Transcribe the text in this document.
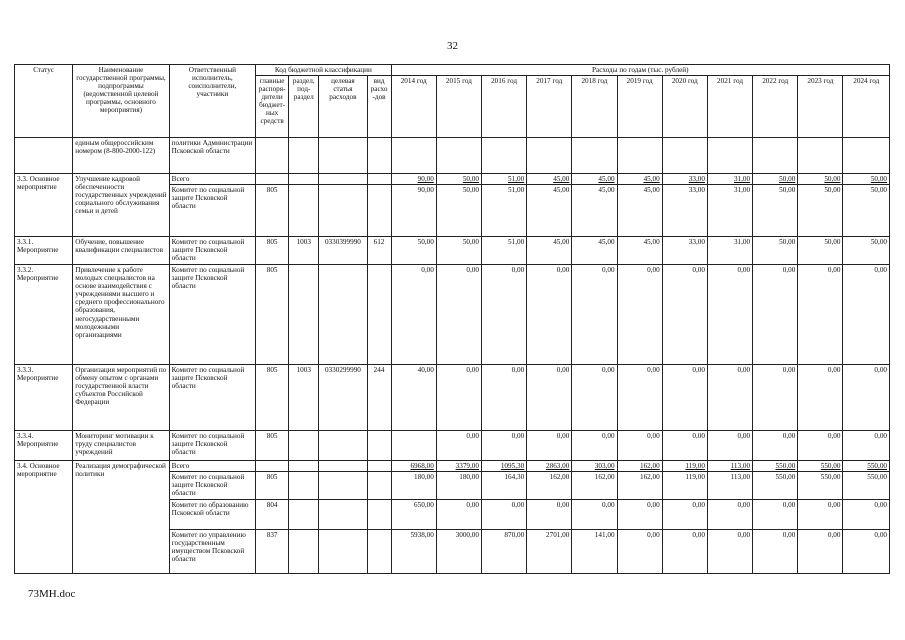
32
Статус	Наименование государственной программы, подпрограммы (ведомственной целевой программы, основного мероприятия)	Ответственный исполнитель, соисполнители, участники	Код бюджетной классификации				Расходы по годам (тыс. рублей)										
			главные распоря-дители бюджет-ных средств	раздел, под-раздел	целевая статья расходов	вид расхо-дов	2014 год	2015 год	2016 год	2017 год	2018 год	2019 год	2020 год	2021 год	2022 год	2023 год	2024 год
	единым общероссийским номером (8-800-2000-122)	политики Администрации Псковской области															
3.3. Основное мероприятие	Улучшение кадровой обеспеченности государственных учреждений социального обслуживания семьи и детей	Всего					90,00	50,00	51,00	45,00	45,00	45,00	33,00	31,00	50,00	50,00	50,00
		Комитет по социальной защите Псковской области	805				90,00	50,00	51,00	45,00	45,00	45,00	33,00	31,00	50,00	50,00	50,00
3.3.1. Мероприятие	Обучение, повышение квалификации специалистов	Комитет по социальной защите Псковской области	805	1003	0330399990	612	50,00	50,00	51,00	45,00	45,00	45,00	33,00	31,00	50,00	50,00	50,00
3.3.2. Мероприятие	Привлечение к работе молодых специалистов на основе взаимодействия с учреждениями высшего и среднего профессионального образования, негосударственными молодежными организациями	Комитет по социальной защите Псковской области	805				0,00	0,00	0,00	0,00	0,00	0,00	0,00	0,00	0,00	0,00	0,00
3.3.3. Мероприятие	Организация мероприятий по обмену опытом с органами государственной власти субъектов Российской Федерации	Комитет по социальной защите Псковской области	805	1003	0330299990	244	40,00	0,00	0,00	0,00	0,00	0,00	0,00	0,00	0,00	0,00	0,00
3.3.4. Мероприятие	Мониторинг мотивации к труду специалистов учреждений	Комитет по социальной защите Псковской области	805					0,00	0,00	0,00	0,00	0,00	0,00	0,00	0,00	0,00	0,00
3.4. Основное мероприятие	Реализация демографической политики	Всего					6968,00	3379,00	1095,30	2863,00	303,00	162,00	119,00	113,00	550,00	550,00	550,00
		Комитет по социальной защите Псковской области	805				180,00	180,00	164,30	162,00	162,00	162,00	119,00	113,00	550,00	550,00	550,00
		Комитет по образованию Псковской области	804				650,00	0,00	0,00	0,00	0,00	0,00	0,00	0,00	0,00	0,00	0,00
		Комитет по управлению государственным имуществом Псковской области	837				5938,00	3000,00	870,00	2701,00	141,00	0,00	0,00	0,00	0,00	0,00	0,00
73МН.doc
